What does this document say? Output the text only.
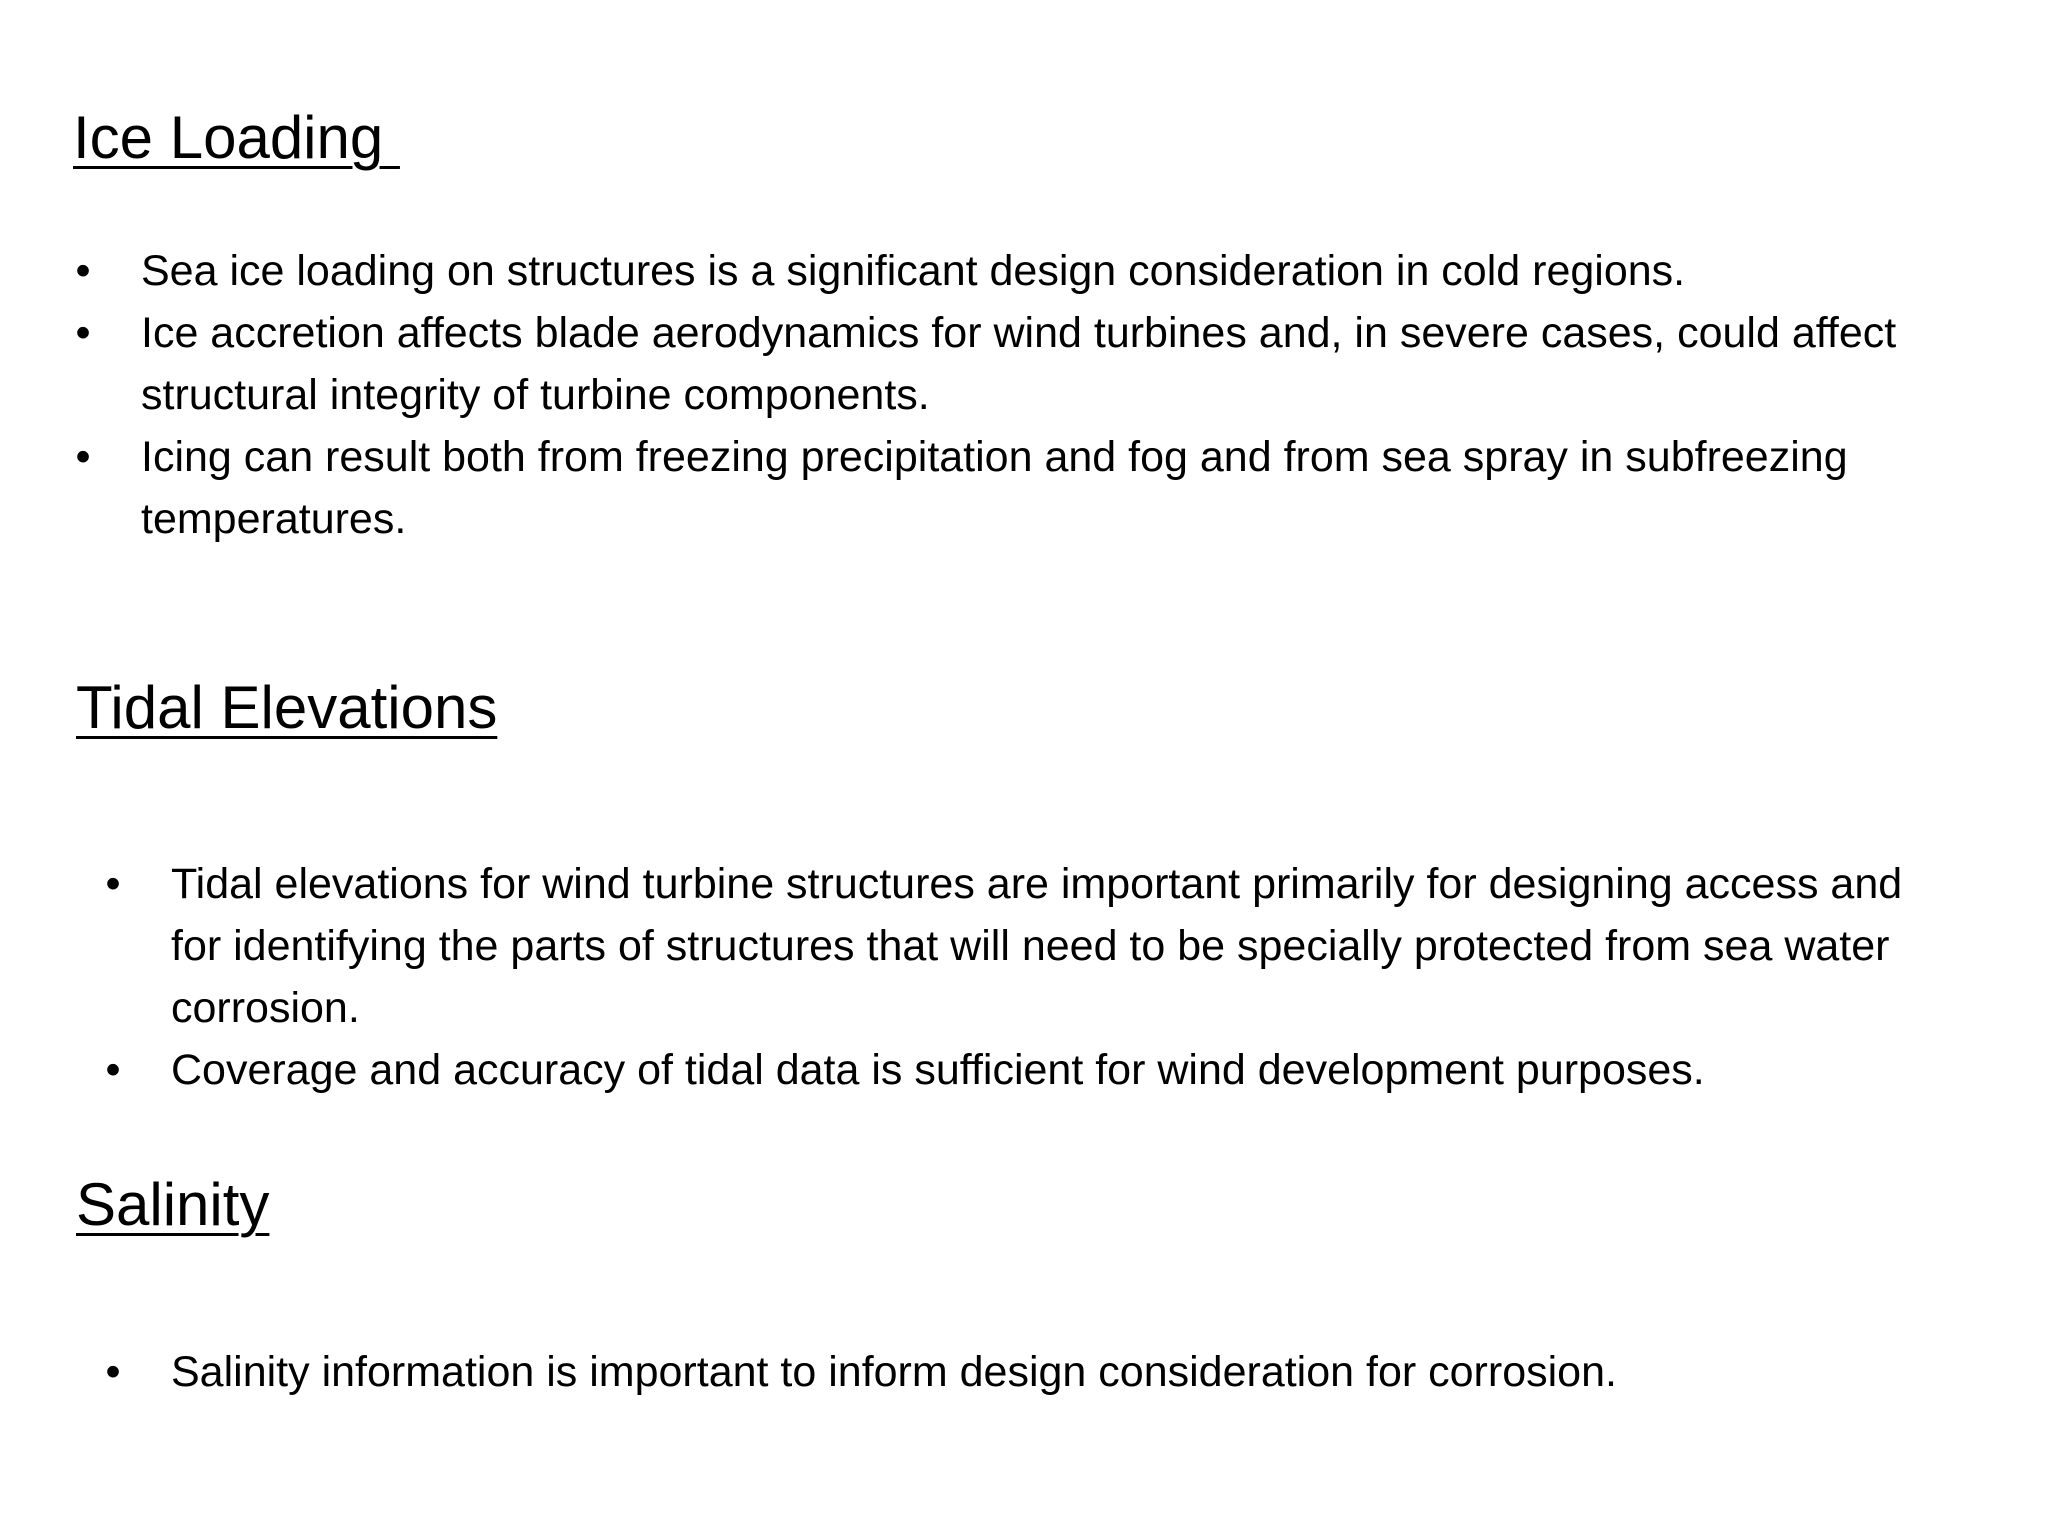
Ice Loading
• Sea ice loading on structures is a significant design consideration in cold regions.
• Ice accretion affects blade aerodynamics for wind turbines and, in severe cases, could affect structural integrity of turbine components.
• Icing can result both from freezing precipitation and fog and from sea spray in subfreezing temperatures.
Tidal Elevations
• Tidal elevations for wind turbine structures are important primarily for designing access and for identifying the parts of structures that will need to be specially protected from sea water corrosion.
• Coverage and accuracy of tidal data is sufficient for wind development purposes.
Salinity
• Salinity information is important to inform design consideration for corrosion.
